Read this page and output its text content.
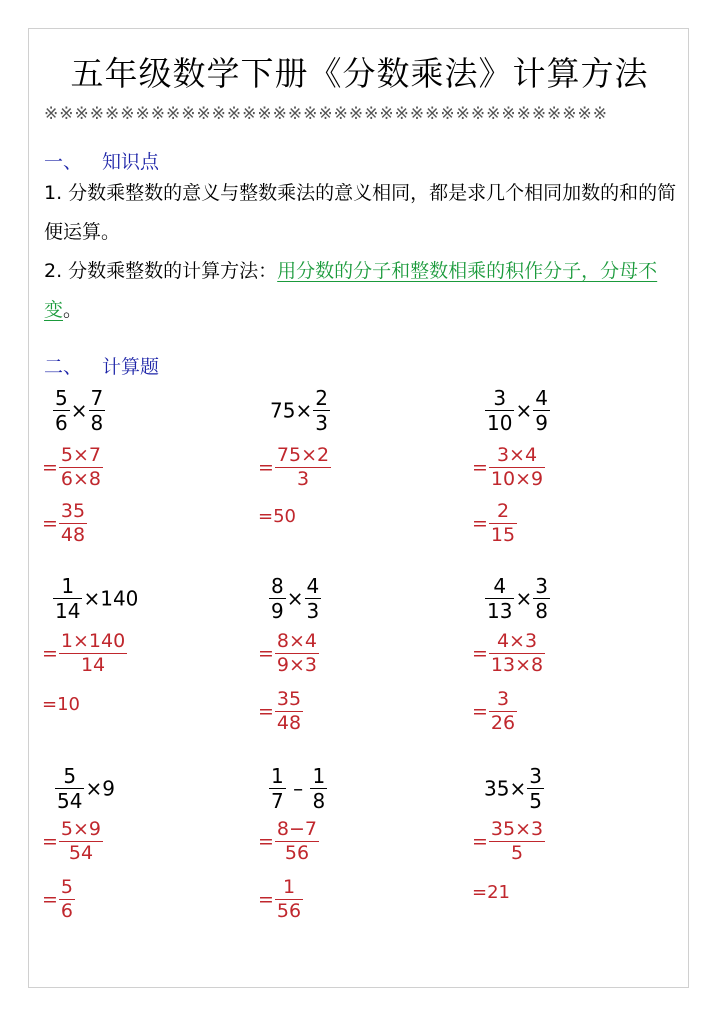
五年级数学下册《分数乘法》计算方法
※※※※※※※※※※※※※※※※※※※※※※※※※※※※※※※※※※※※※
一、 知识点
1. 分数乘整数的意义与整数乘法的意义相同，都是求几个相同加数的和的简便运算。
2. 分数乘整数的计算方法：用分数的分子和整数相乘的积作分子，分母不变。
二、 计算题
$\frac{5}{6} \times \frac{7}{8}$
= $\frac{5\times 7}{6\times 8}$
= $\frac{35}{48}$
$75\times \frac{2}{3}$
= $\frac{75\times 2}{3}$
=50
$\frac{3}{10} \times \frac{4}{9}$
= $\frac{3\times 4}{10\times 9}$
= $\frac{2}{15}$
$\frac{1}{14} \times 140$
= $\frac{1\times 140}{14}$
=10
$\frac{8}{9} \times \frac{4}{3}$
= $\frac{8\times 4}{9\times 3}$
= $\frac{35}{48}$
$\frac{4}{13} \times \frac{3}{8}$
= $\frac{4\times 3}{13\times 8}$
= $\frac{3}{26}$
$\frac{5}{54} \times 9$
= $\frac{5\times 9}{54}$
= $\frac{5}{6}$
$\frac{1}{7} - \frac{1}{8}$
= $\frac{8-7}{56}$
= $\frac{1}{56}$
$35\times \frac{3}{5}$
= $\frac{35\times 3}{5}$
=21
